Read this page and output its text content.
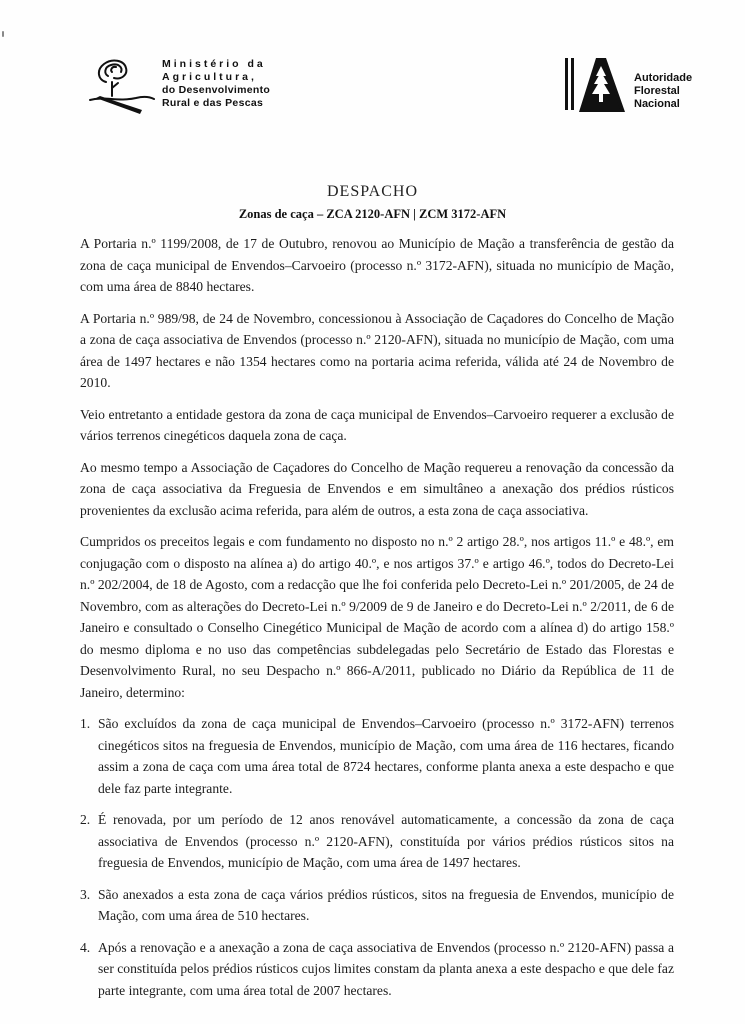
Ministério da
Agricultura,
do Desenvolvimento
Rural e das Pescas
Autoridade
Florestal
Nacional
DESPACHO
Zonas de caça – ZCA 2120-AFN | ZCM 3172-AFN

A Portaria n.º 1199/2008, de 17 de Outubro, renovou ao Município de Mação a transferência de gestão da zona de caça municipal de Envendos–Carvoeiro (processo n.º 3172-AFN), situada no município de Mação, com uma área de 8840 hectares.

A Portaria n.º 989/98, de 24 de Novembro, concessionou à Associação de Caçadores do Concelho de Mação a zona de caça associativa de Envendos (processo n.º 2120-AFN), situada no município de Mação, com uma área de 1497 hectares e não 1354 hectares como na portaria acima referida, válida até 24 de Novembro de 2010.

Veio entretanto a entidade gestora da zona de caça municipal de Envendos–Carvoeiro requerer a exclusão de vários terrenos cinegéticos daquela zona de caça.

Ao mesmo tempo a Associação de Caçadores do Concelho de Mação requereu a renovação da concessão da zona de caça associativa da Freguesia de Envendos e em simultâneo a anexação dos prédios rústicos provenientes da exclusão acima referida, para além de outros, a esta zona de caça associativa.

Cumpridos os preceitos legais e com fundamento no disposto no n.º 2 artigo 28.º, nos artigos 11.º e 48.º, em conjugação com o disposto na alínea a) do artigo 40.º, e nos artigos 37.º e artigo 46.º, todos do Decreto-Lei n.º 202/2004, de 18 de Agosto, com a redacção que lhe foi conferida pelo Decreto-Lei n.º 201/2005, de 24 de Novembro, com as alterações do Decreto-Lei n.º 9/2009 de 9 de Janeiro e do Decreto-Lei n.º 2/2011, de 6 de Janeiro e consultado o Conselho Cinegético Municipal de Mação de acordo com a alínea d) do artigo 158.º do mesmo diploma e no uso das competências subdelegadas pelo Secretário de Estado das Florestas e Desenvolvimento Rural, no seu Despacho n.º 866-A/2011, publicado no Diário da República de 11 de Janeiro, determino:

1. São excluídos da zona de caça municipal de Envendos–Carvoeiro (processo n.º 3172-AFN) terrenos cinegéticos sitos na freguesia de Envendos, município de Mação, com uma área de 116 hectares, ficando assim a zona de caça com uma área total de 8724 hectares, conforme planta anexa a este despacho e que dele faz parte integrante.
2. É renovada, por um período de 12 anos renovável automaticamente, a concessão da zona de caça associativa de Envendos (processo n.º 2120-AFN), constituída por vários prédios rústicos sitos na freguesia de Envendos, município de Mação, com uma área de 1497 hectares.
3. São anexados a esta zona de caça vários prédios rústicos, sitos na freguesia de Envendos, município de Mação, com uma área de 510 hectares.
4. Após a renovação e a anexação a zona de caça associativa de Envendos (processo n.º 2120-AFN) passa a ser constituída pelos prédios rústicos cujos limites constam da planta anexa a este despacho e que dele faz parte integrante, com uma área total de 2007 hectares.
